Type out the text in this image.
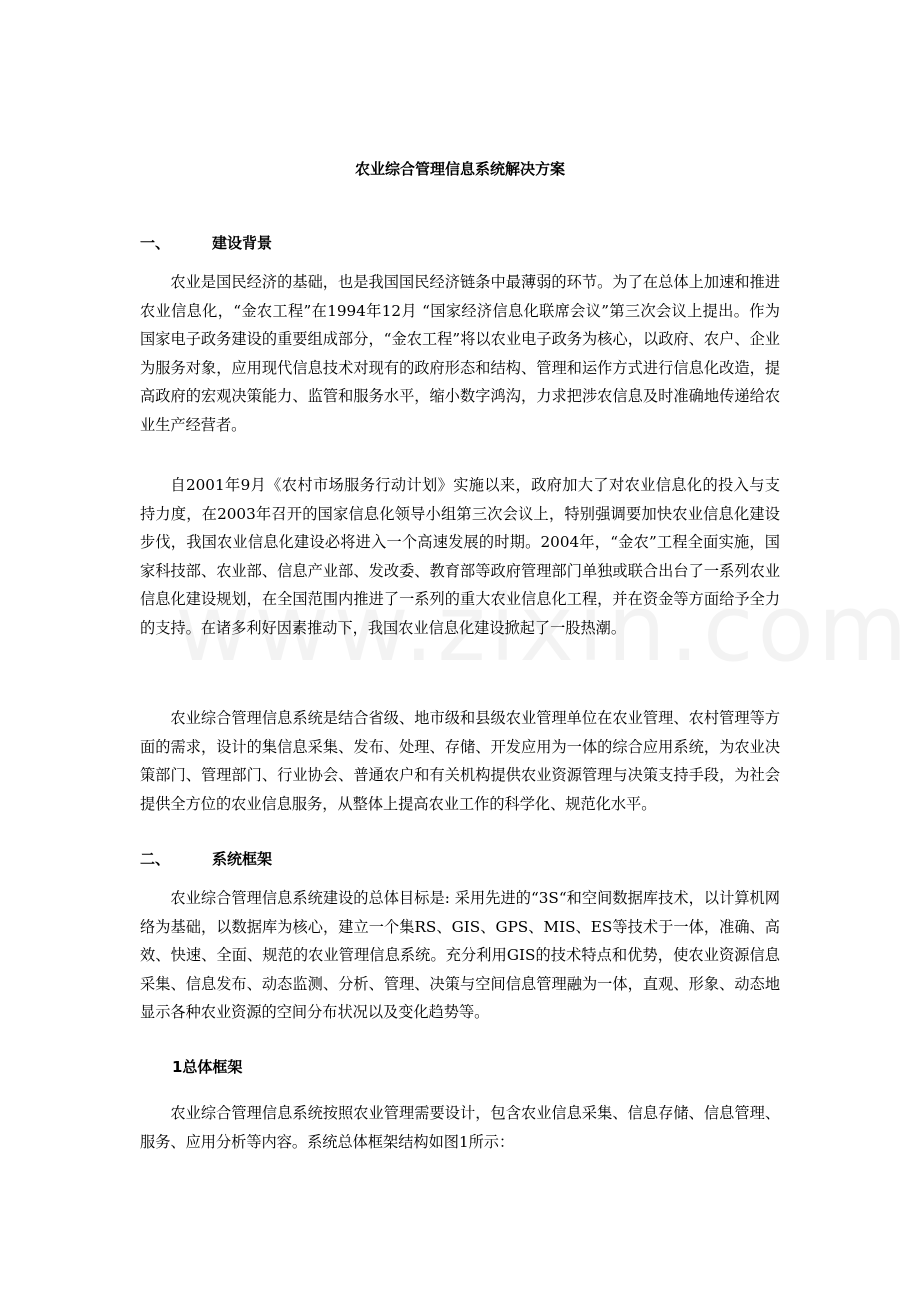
农业综合管理信息系统解决方案
一、	建设背景

农业是国民经济的基础，也是我国国民经济链条中最薄弱的环节。为了在总体上加速和推进农业信息化，“金农工程”在1994年12月 “国家经济信息化联席会议”第三次会议上提出。作为国家电子政务建设的重要组成部分，“金农工程”将以农业电子政务为核心，以政府、农户、企业为服务对象，应用现代信息技术对现有的政府形态和结构、管理和运作方式进行信息化改造，提高政府的宏观决策能力、监管和服务水平，缩小数字鸿沟，力求把涉农信息及时准确地传递给农业生产经营者。

自2001年9月《农村市场服务行动计划》实施以来，政府加大了对农业信息化的投入与支持力度，在2003年召开的国家信息化领导小组第三次会议上，特别强调要加快农业信息化建设步伐，我国农业信息化建设必将进入一个高速发展的时期。2004年，“金农”工程全面实施，国家科技部、农业部、信息产业部、发改委、教育部等政府管理部门单独或联合出台了一系列农业信息化建设规划，在全国范围内推进了一系列的重大农业信息化工程，并在资金等方面给予全力的支持。在诸多利好因素推动下，我国农业信息化建设掀起了一股热潮。

农业综合管理信息系统是结合省级、地市级和县级农业管理单位在农业管理、农村管理等方面的需求，设计的集信息采集、发布、处理、存储、开发应用为一体的综合应用系统，为农业决策部门、管理部门、行业协会、普通农户和有关机构提供农业资源管理与决策支持手段，为社会提供全方位的农业信息服务，从整体上提高农业工作的科学化、规范化水平。

二、	系统框架

农业综合管理信息系统建设的总体目标是: 采用先进的“3S“和空间数据库技术，以计算机网络为基础，以数据库为核心，建立一个集RS、GIS、GPS、MIS、ES等技术于一体，准确、高效、快速、全面、规范的农业管理信息系统。充分利用GIS的技术特点和优势，使农业资源信息采集、信息发布、动态监测、分析、管理、决策与空间信息管理融为一体，直观、形象、动态地显示各种农业资源的空间分布状况以及变化趋势等。

1总体框架

农业综合管理信息系统按照农业管理需要设计，包含农业信息采集、信息存储、信息管理、服务、应用分析等内容。系统总体框架结构如图1所示：
